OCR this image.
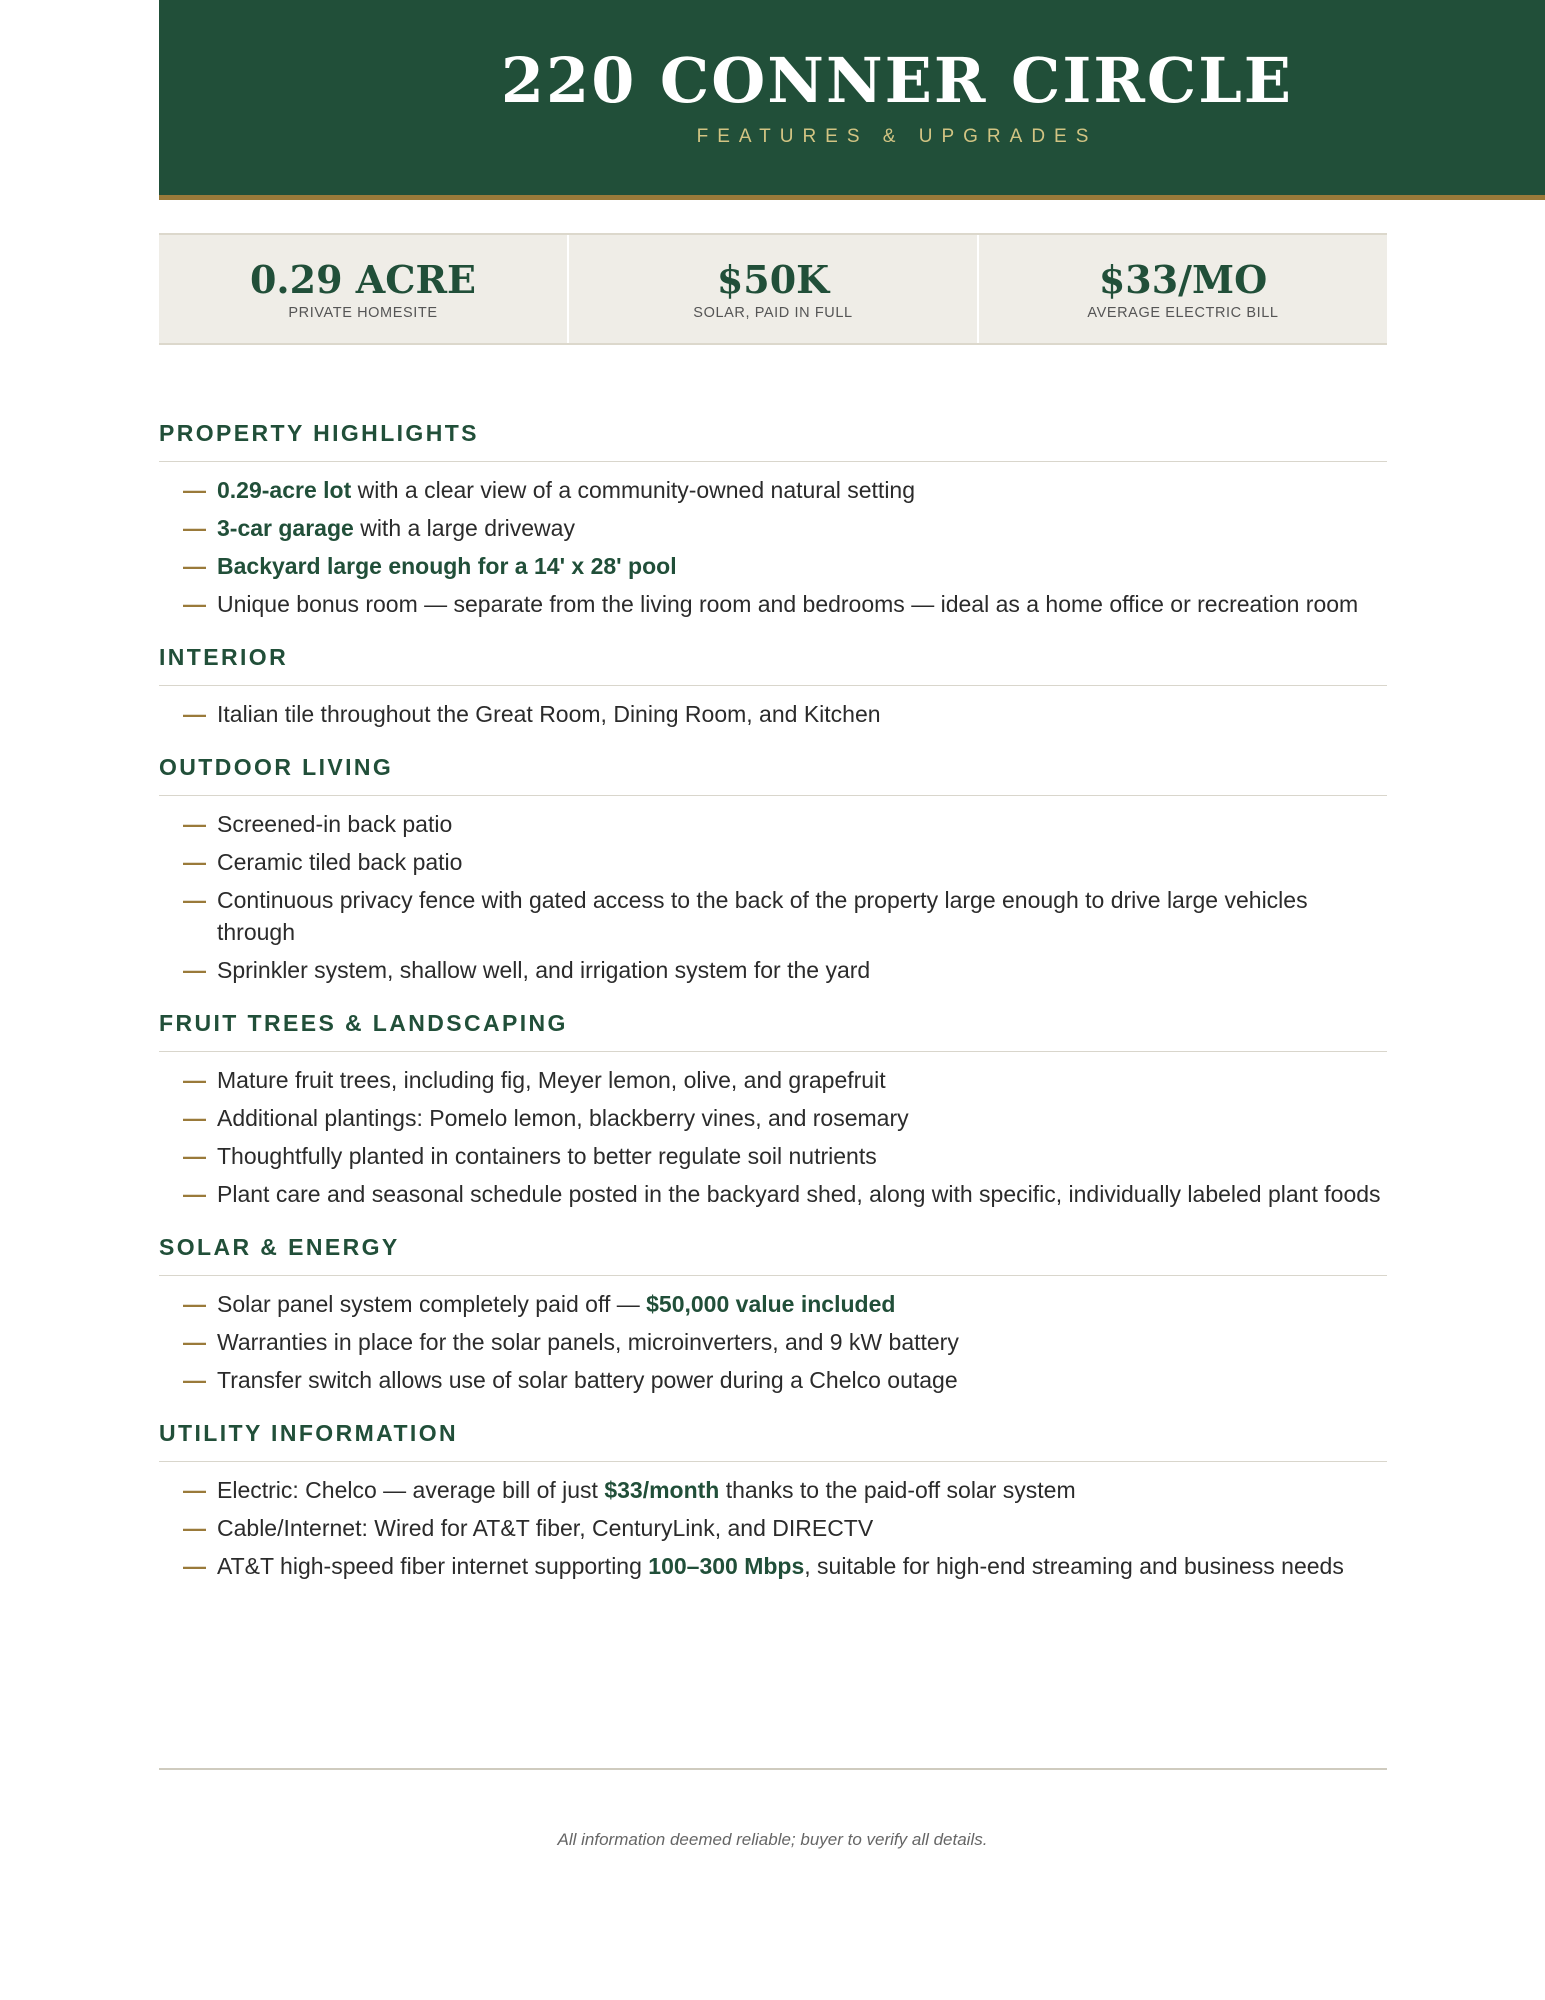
220 CONNER CIRCLE
FEATURES & UPGRADES
0.29 ACRE
PRIVATE HOMESITE
$50K
SOLAR, PAID IN FULL
$33/MO
AVERAGE ELECTRIC BILL
PROPERTY HIGHLIGHTS
— 0.29-acre lot with a clear view of a community-owned natural setting
— 3-car garage with a large driveway
— Backyard large enough for a 14' x 28' pool
— Unique bonus room — separate from the living room and bedrooms — ideal as a home office or recreation room
INTERIOR
— Italian tile throughout the Great Room, Dining Room, and Kitchen
OUTDOOR LIVING
— Screened-in back patio
— Ceramic tiled back patio
— Continuous privacy fence with gated access to the back of the property large enough to drive large vehicles through
— Sprinkler system, shallow well, and irrigation system for the yard
FRUIT TREES & LANDSCAPING
— Mature fruit trees, including fig, Meyer lemon, olive, and grapefruit
— Additional plantings: Pomelo lemon, blackberry vines, and rosemary
— Thoughtfully planted in containers to better regulate soil nutrients
— Plant care and seasonal schedule posted in the backyard shed, along with specific, individually labeled plant foods
SOLAR & ENERGY
— Solar panel system completely paid off — $50,000 value included
— Warranties in place for the solar panels, microinverters, and 9 kW battery
— Transfer switch allows use of solar battery power during a Chelco outage
UTILITY INFORMATION
— Electric: Chelco — average bill of just $33/month thanks to the paid-off solar system
— Cable/Internet: Wired for AT&T fiber, CenturyLink, and DIRECTV
— AT&T high-speed fiber internet supporting 100–300 Mbps, suitable for high-end streaming and business needs
All information deemed reliable; buyer to verify all details.
